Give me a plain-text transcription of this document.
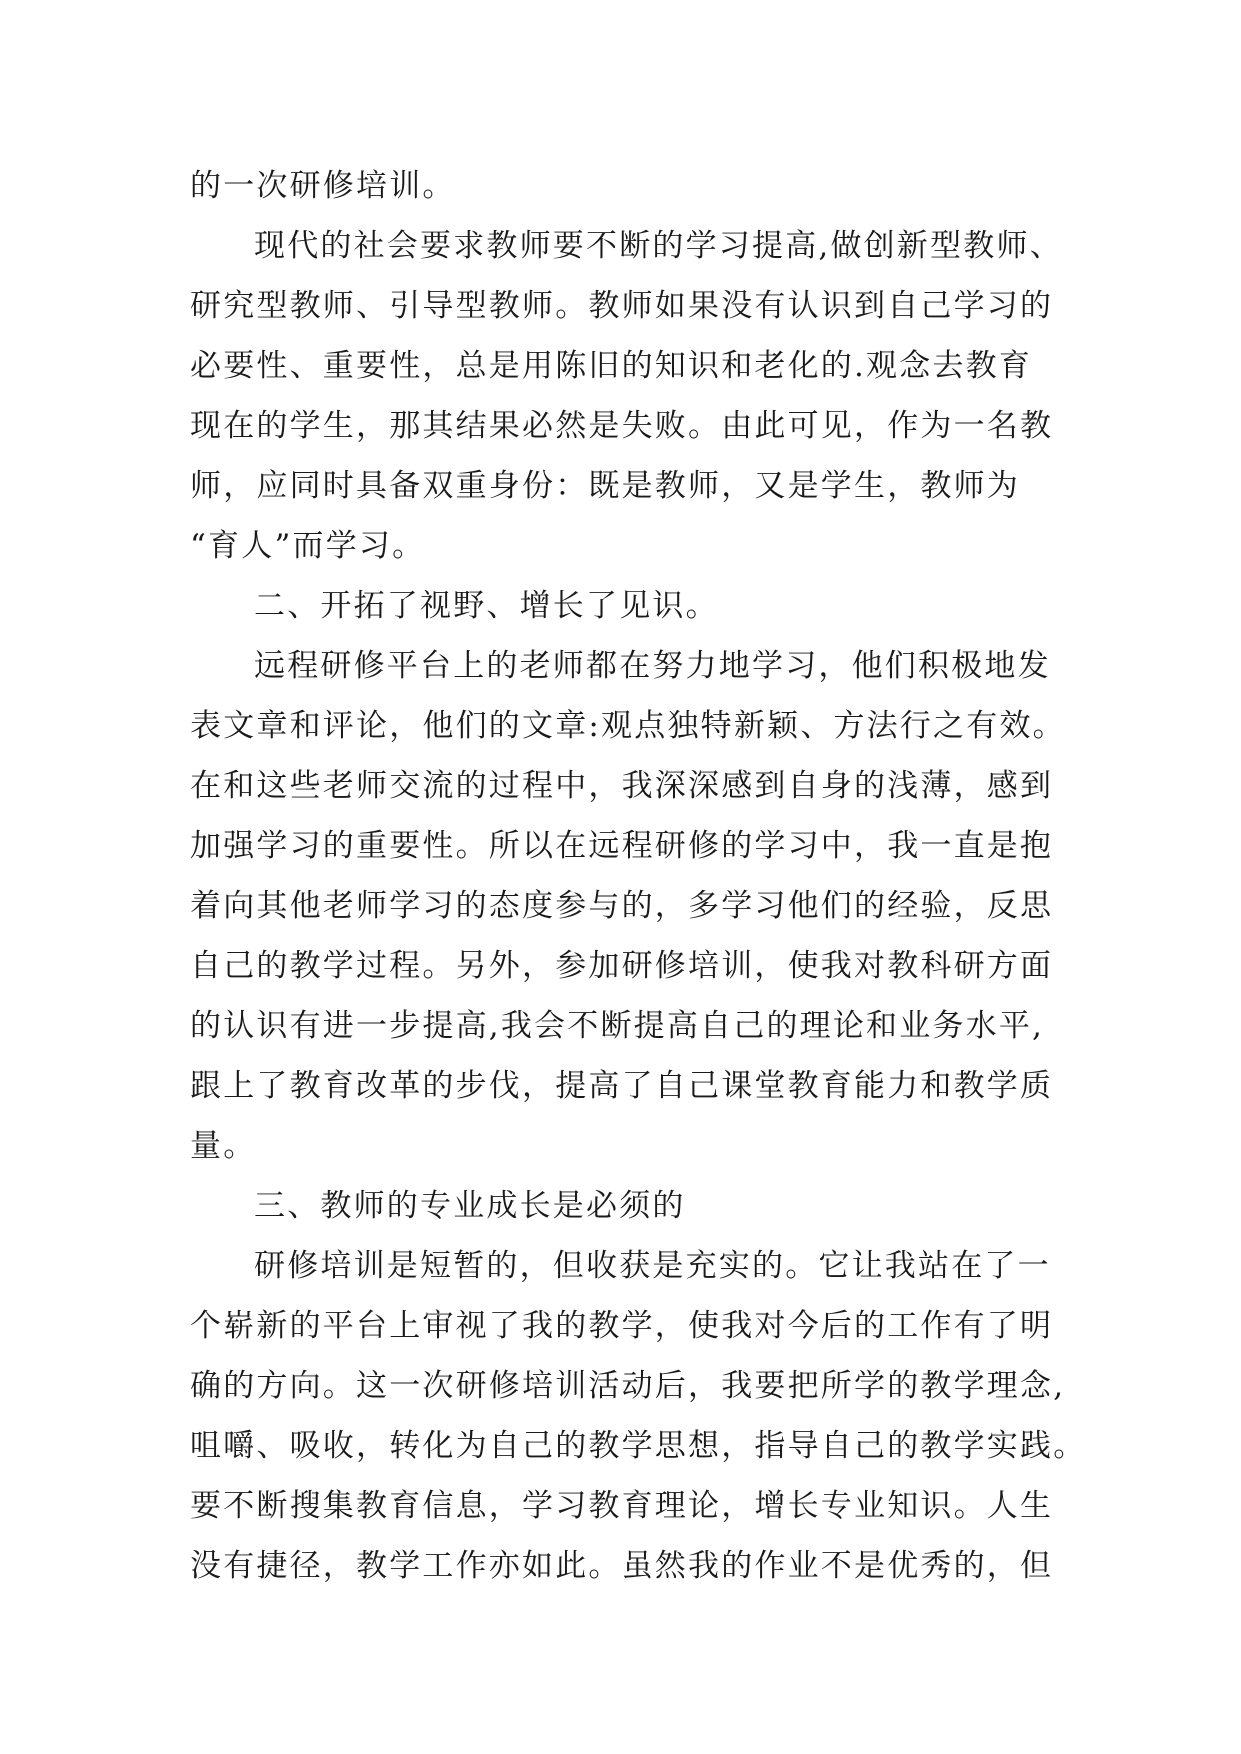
的一次研修培训。
现代的社会要求教师要不断的学习提高,做创新型教师、
研究型教师、引导型教师。教师如果没有认识到自己学习的
必要性、重要性，总是用陈旧的知识和老化的.观念去教育
现在的学生，那其结果必然是失败。由此可见，作为一名教
师，应同时具备双重身份：既是教师，又是学生，教师为
“育人”而学习。
二、开拓了视野、增长了见识。
远程研修平台上的老师都在努力地学习，他们积极地发
表文章和评论，他们的文章:观点独特新颖、方法行之有效。
在和这些老师交流的过程中，我深深感到自身的浅薄，感到
加强学习的重要性。所以在远程研修的学习中，我一直是抱
着向其他老师学习的态度参与的，多学习他们的经验，反思
自己的教学过程。另外，参加研修培训，使我对教科研方面
的认识有进一步提高,我会不断提高自己的理论和业务水平,
跟上了教育改革的步伐，提高了自己课堂教育能力和教学质
量。
三、教师的专业成长是必须的
研修培训是短暂的，但收获是充实的。它让我站在了一
个崭新的平台上审视了我的教学，使我对今后的工作有了明
确的方向。这一次研修培训活动后，我要把所学的教学理念,
咀嚼、吸收，转化为自己的教学思想，指导自己的教学实践。
要不断搜集教育信息，学习教育理论，增长专业知识。人生
没有捷径，教学工作亦如此。虽然我的作业不是优秀的，但
